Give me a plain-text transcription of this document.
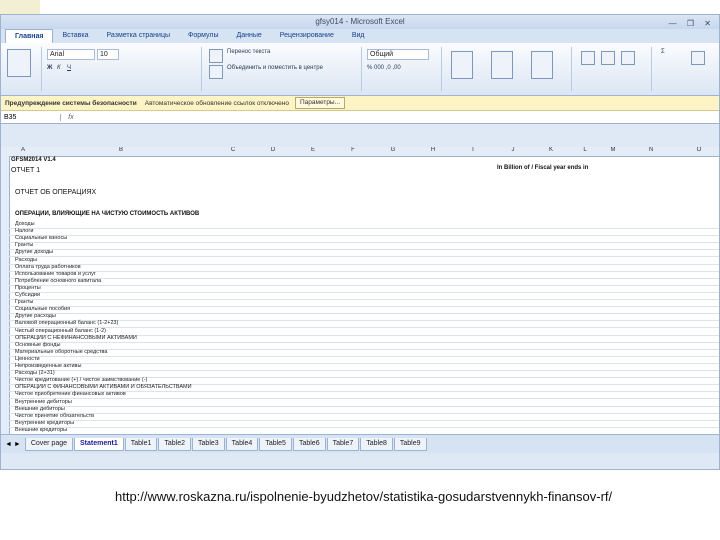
gfsy014 - Microsoft Excel	— ❐ ✕
Главная	Вставка	Разметка страницы	Формулы	Данные	Рецензирование	Вид
Arial	10
Ж К Ч
Перенос текста
Объединить и поместить в центре
Общий
% 000 ,0 ,00
Σ
Предупреждение системы безопасности Автоматическое обновление ссылок отключено	Параметры...
B35	fx
A	B	C	D	E	F	G	H	I	J	K	L	M	N	O
GFSM2014 V1.4
ОТЧЕТ 1
ОТЧЕТ ОБ ОПЕРАЦИЯХ
In Billion of / Fiscal year ends in
ОПЕРАЦИИ, ВЛИЯЮЩИЕ НА ЧИСТУЮ СТОИМОСТЬ АКТИВОВ
Доходы
Налоги
Социальные взносы
Гранты
Другие доходы
Расходы
Оплата труда работников
Использование товаров и услуг
Потребление основного капитала
Проценты
Субсидии
Гранты
Социальные пособия
Другие расходы
Валовой операционный баланс (1-2+23)
Чистый операционный баланс (1-2)
ОПЕРАЦИИ С НЕФИНАНСОВЫМИ АКТИВАМИ
Основные фонды
Материальные оборотные средства
Ценности
Непроизведенные активы
Расходы (2+31)
Чистое кредитование (+) / чистое заимствование (-)
ОПЕРАЦИИ С ФИНАНСОВЫМИ АКТИВАМИ И ОБЯЗАТЕЛЬСТВАМИ
Чистое приобретение финансовых активов
Внутренние дебиторы
Внешние дебиторы
Чистое принятие обязательств
Внутренние кредиторы
Внешние кредиторы
◄ ►	Cover page	Statement1	Table1	Table2	Table3	Table4	Table5	Table6	Table7	Table8	Table9
http://www.roskazna.ru/ispolnenie-byudzhetov/statistika-gosudarstvennykh-finansov-rf/
